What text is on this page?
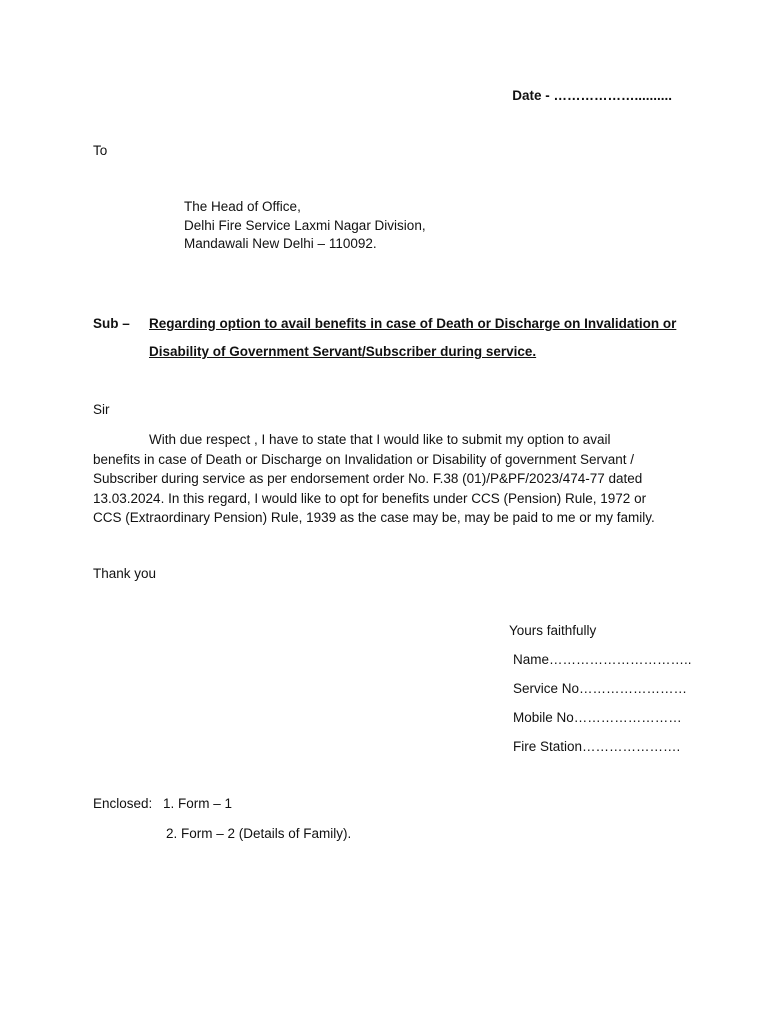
Date - ………………..........
To
The Head of Office,
Delhi Fire Service Laxmi Nagar Division,
Mandawali New Delhi – 110092.
Sub – Regarding option to avail benefits in case of Death or Discharge on Invalidation or
Disability of Government Servant/Subscriber during service.
Sir
With due respect , I have to state that I would like to submit my option to avail
benefits in case of Death or Discharge on Invalidation or Disability of government Servant /
Subscriber during service as per endorsement order No. F.38 (01)/P&PF/2023/474-77 dated
13.03.2024. In this regard, I would like to opt for benefits under CCS (Pension) Rule, 1972 or
CCS (Extraordinary Pension) Rule, 1939 as the case may be, may be paid to me or my family.
Thank you
Yours faithfully
Name…………………………..
Service No……………………
Mobile No……………………
Fire Station………………….
Enclosed: 1. Form – 1
2. Form – 2 (Details of Family).
